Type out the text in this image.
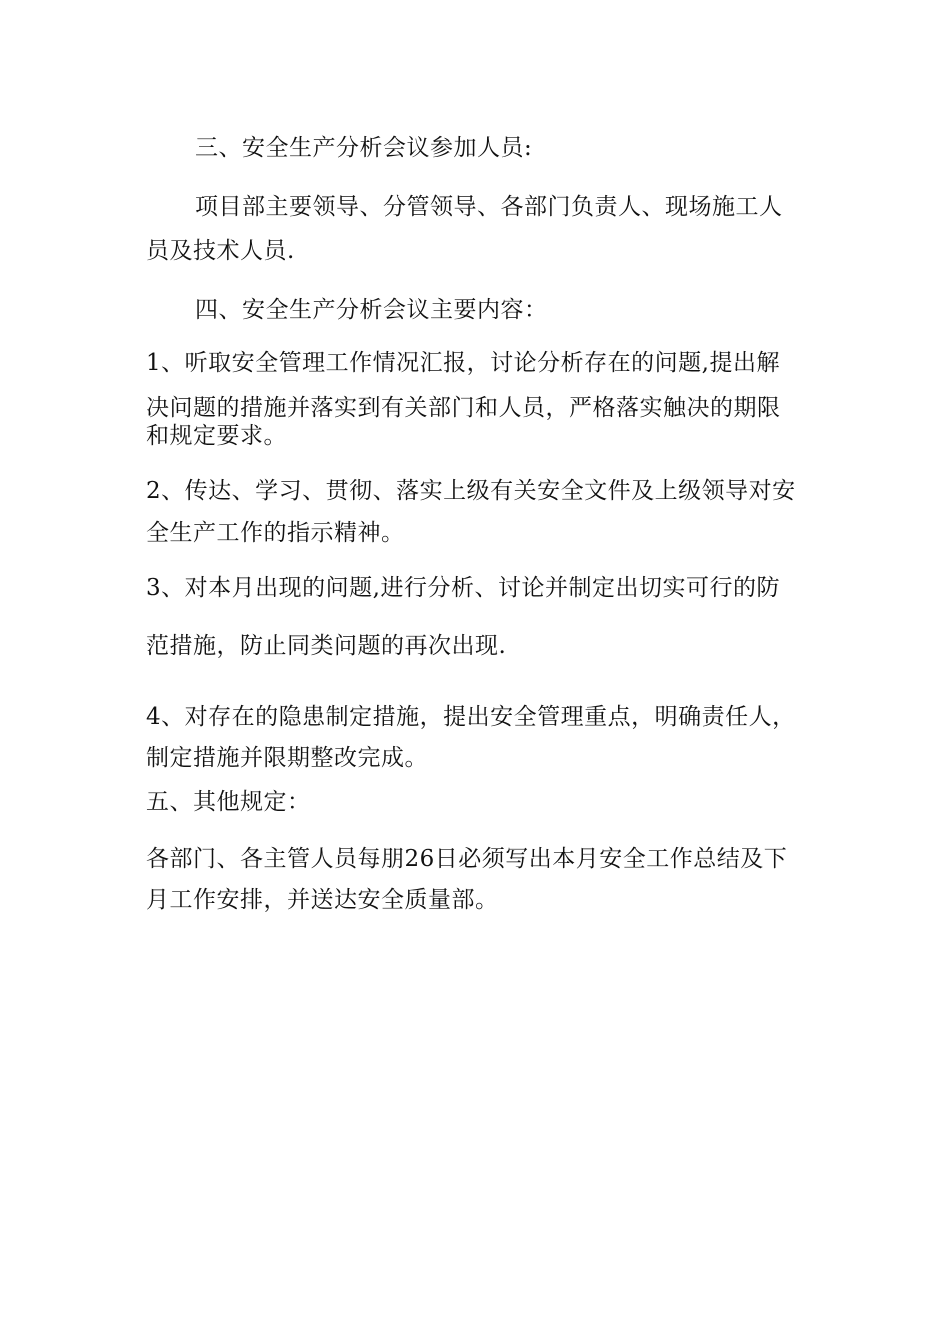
三、安全生产分析会议参加人员:
项目部主要领导、分管领导、各部门负责人、现场施工人
员及技术人员.
四、安全生产分析会议主要内容：
1、听取安全管理工作情况汇报，讨论分析存在的问题,提出解
决问题的措施并落实到有关部门和人员，严格落实触决的期限
和规定要求。
2、传达、学习、贯彻、落实上级有关安全文件及上级领导对安
全生产工作的指示精神。
3、对本月出现的问题,进行分析、讨论并制定出切实可行的防
范措施，防止同类问题的再次出现.
4、对存在的隐患制定措施，提出安全管理重点，明确责任人，
制定措施并限期整改完成。
五、其他规定：
各部门、各主管人员每朋26日必须写出本月安全工作总结及下
月工作安排，并送达安全质量部。
